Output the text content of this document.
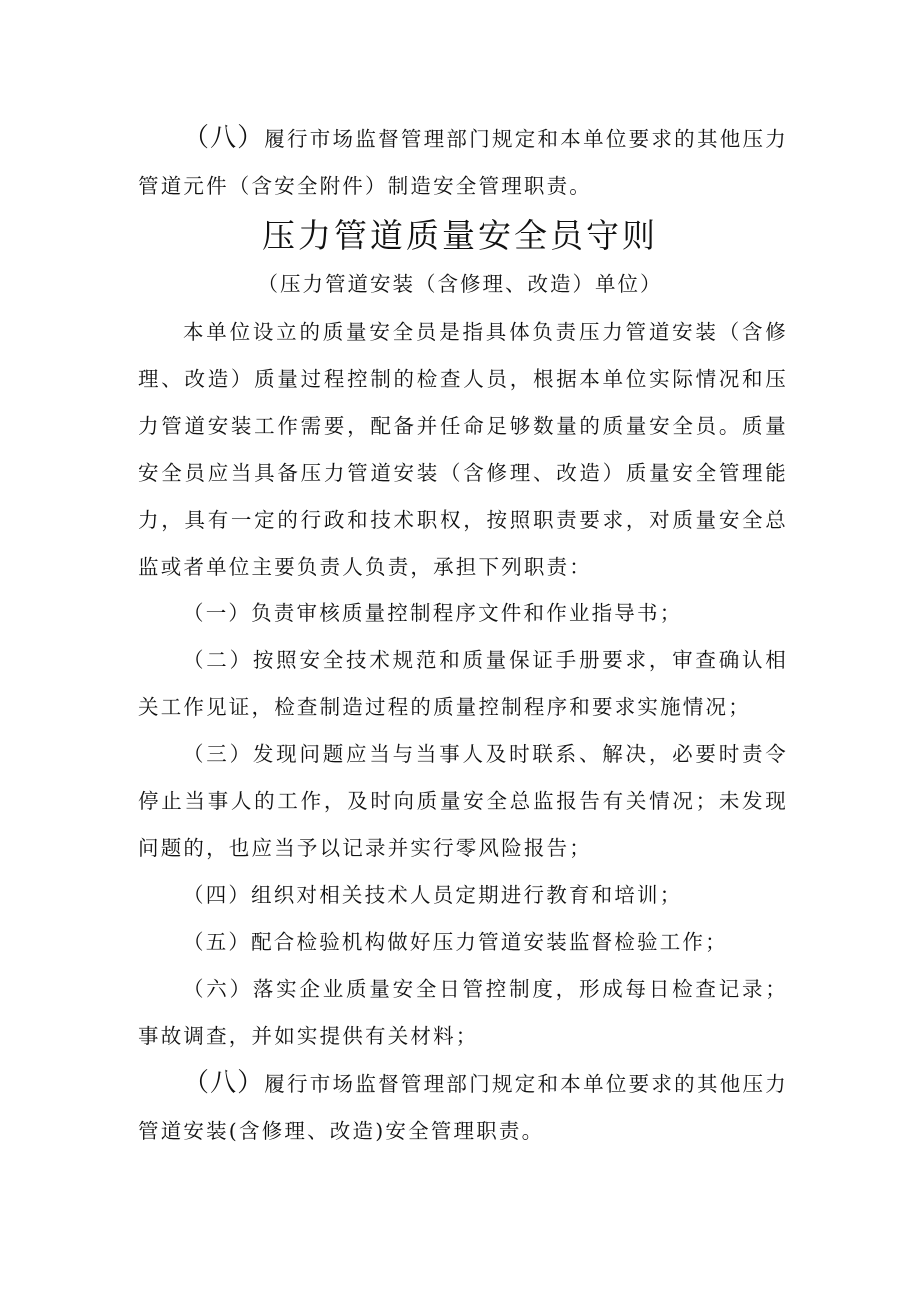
（八）履行市场监督管理部门规定和本单位要求的其他压力管道元件（含安全附件）制造安全管理职责。

压力管道质量安全员守则

（压力管道安装（含修理、改造）单位）

本单位设立的质量安全员是指具体负责压力管道安装（含修理、改造）质量过程控制的检查人员，根据本单位实际情况和压力管道安装工作需要，配备并任命足够数量的质量安全员。质量安全员应当具备压力管道安装（含修理、改造）质量安全管理能力，具有一定的行政和技术职权，按照职责要求，对质量安全总监或者单位主要负责人负责，承担下列职责：

（一）负责审核质量控制程序文件和作业指导书；

（二）按照安全技术规范和质量保证手册要求，审查确认相关工作见证，检查制造过程的质量控制程序和要求实施情况；

（三）发现问题应当与当事人及时联系、解决，必要时责令停止当事人的工作，及时向质量安全总监报告有关情况；未发现问题的，也应当予以记录并实行零风险报告；

（四）组织对相关技术人员定期进行教育和培训；

（五）配合检验机构做好压力管道安装监督检验工作；

（六）落实企业质量安全日管控制度，形成每日检查记录；事故调查，并如实提供有关材料；

（八）履行市场监督管理部门规定和本单位要求的其他压力管道安装(含修理、改造)安全管理职责。
